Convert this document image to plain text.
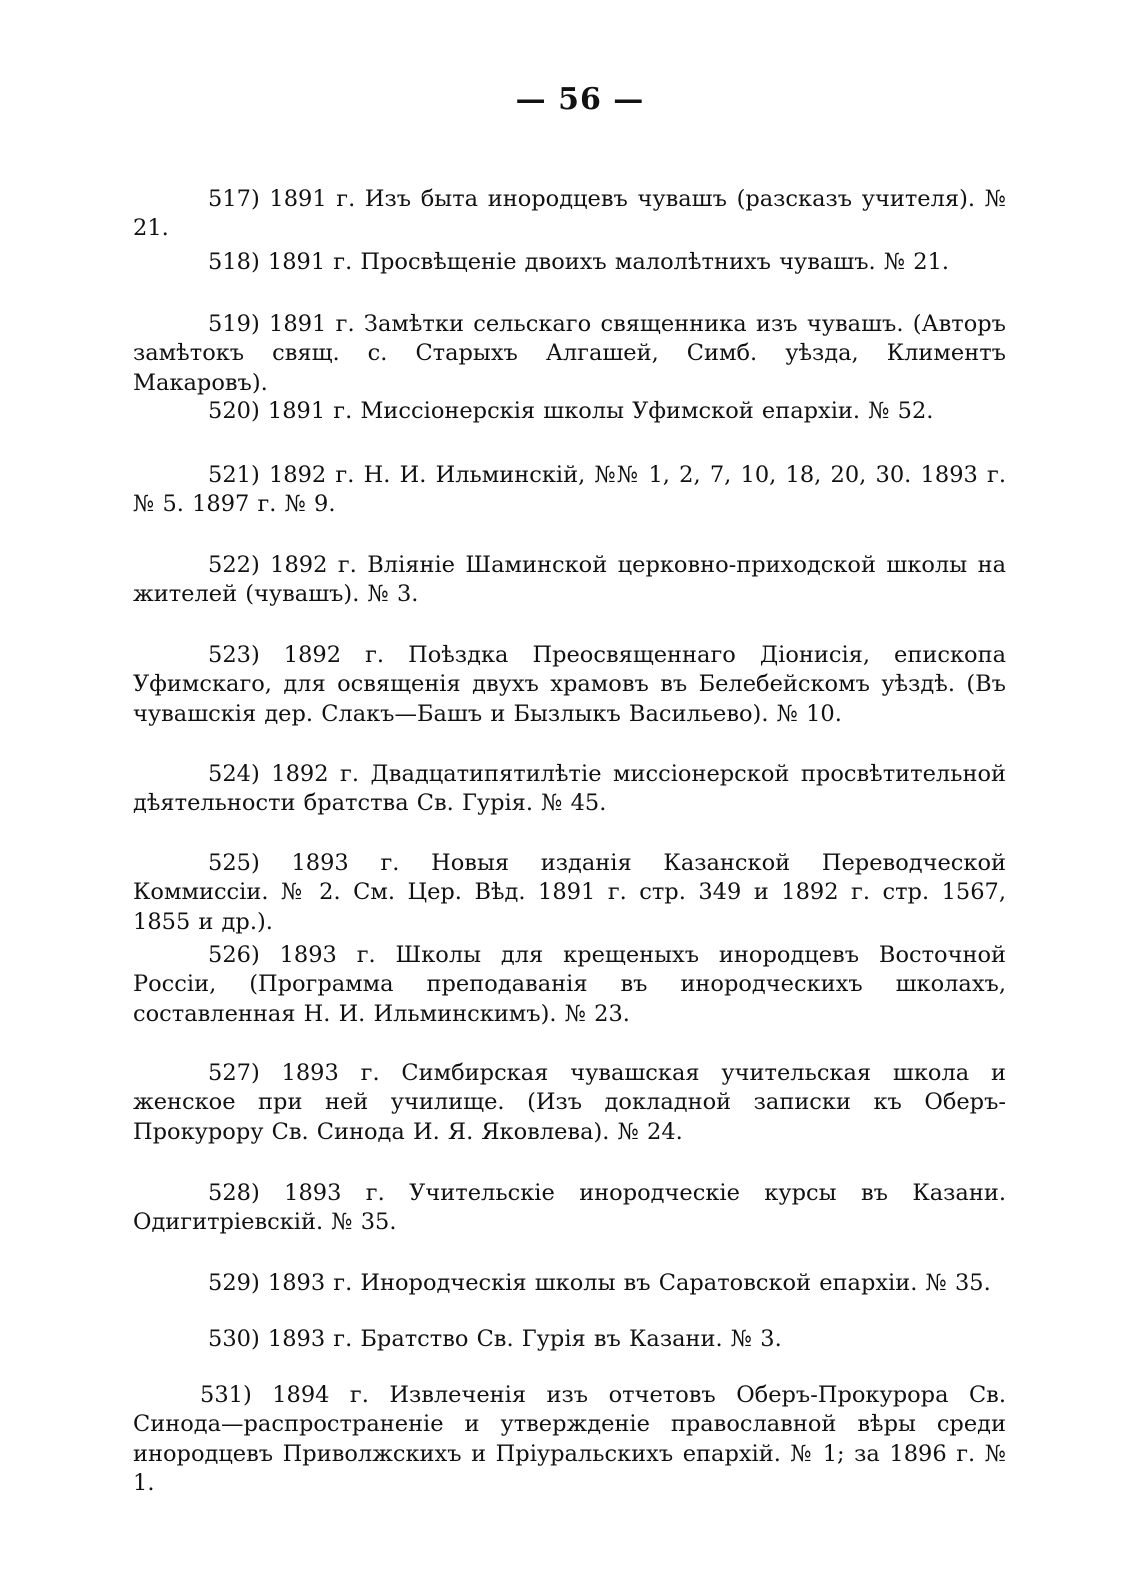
— 56 —

517) 1891 г. Изъ быта инородцевъ чувашъ (разсказъ учителя). № 21.

518) 1891 г. Просвѣщеніе двоихъ малолѣтнихъ чувашъ. № 21.

519) 1891 г. Замѣтки сельскаго священника изъ чувашъ. (Авторъ замѣтокъ свящ. с. Старыхъ Алгашей, Симб. уѣзда, Климентъ Макаровъ).

520) 1891 г. Миссіонерскія школы Уфимской епархіи. № 52.

521) 1892 г. Н. И. Ильминскій, №№ 1, 2, 7, 10, 18, 20, 30. 1893 г. № 5. 1897 г. № 9.

522) 1892 г. Вліяніе Шаминской церковно-приходской школы на жителей (чувашъ). № 3.

523) 1892 г. Поѣздка Преосвященнаго Діонисія, епископа Уфимскаго, для освященія двухъ храмовъ въ Белебейскомъ уѣздѣ. (Въ чувашскія дер. Слакъ—Башъ и Бызлыкъ Васильево). № 10.

524) 1892 г. Двадцатипятилѣтіе миссіонерской просвѣтительной дѣятельности братства Св. Гурія. № 45.

525) 1893 г. Новыя изданія Казанской Переводческой Коммиссіи. № 2. См. Цер. Вѣд. 1891 г. стр. 349 и 1892 г. стр. 1567, 1855 и др.).

526) 1893 г. Школы для крещеныхъ инородцевъ Восточной Россіи, (Программа преподаванія въ инородческихъ школахъ, составленная Н. И. Ильминскимъ). № 23.

527) 1893 г. Симбирская чувашская учительская школа и женское при ней училище. (Изъ докладной записки къ Оберъ-Прокурору Св. Синода И. Я. Яковлева). № 24.

528) 1893 г. Учительскіе инородческіе курсы въ Казани. Одигитріевскій. № 35.

529) 1893 г. Инородческія школы въ Саратовской епархіи. № 35.

530) 1893 г. Братство Св. Гурія въ Казани. № 3.

531) 1894 г. Извлеченія изъ отчетовъ Оберъ-Прокурора Св. Синода—распространеніе и утвержденіе православной вѣры среди инородцевъ Приволжскихъ и Пріуральскихъ епархій. № 1; за 1896 г. № 1.
